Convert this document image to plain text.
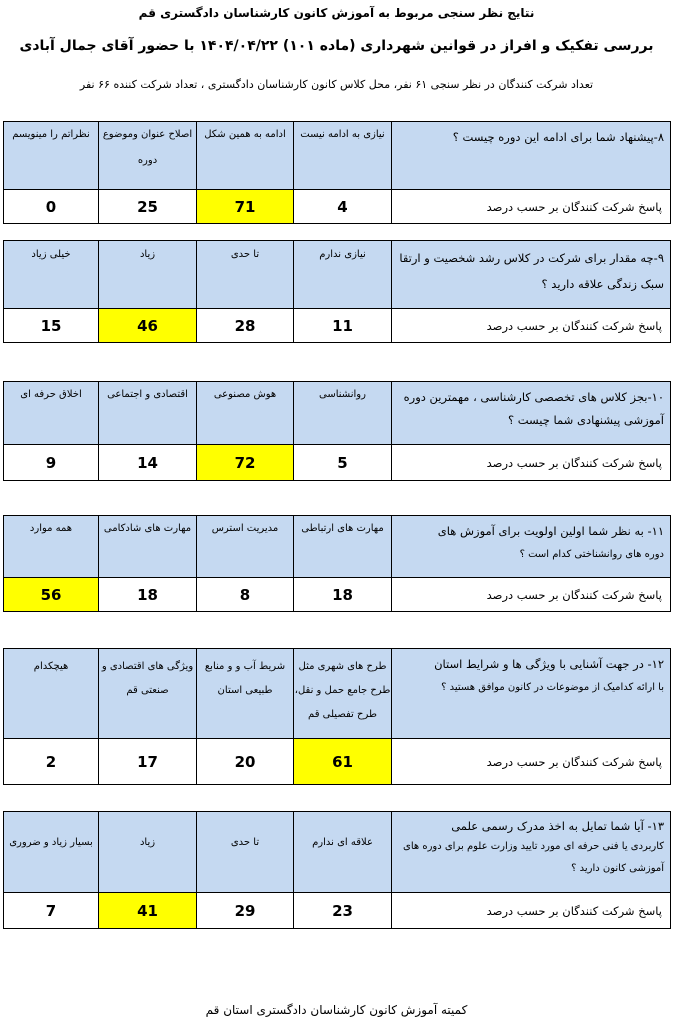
نتایج نظر سنجی مربوط به آموزش کانون کارشناسان دادگستری قم
بررسی تفکیک و افراز در قوانین شهرداری (ماده ۱۰۱) ۱۴۰۴/۰۴/۲۲ با حضور آقای جمال آبادی
تعداد شرکت کنندگان در نظر سنجی ۶۱ نفر، محل کلاس کانون کارشناسان دادگستری ، تعداد شرکت کننده ۶۶ نفر
۸-پیشنهاد شما برای ادامه این دوره چیست ؟	نیازی به ادامه نیست	ادامه به همین شکل	اصلاح عنوان وموضوع دوره	نظراتم را مینویسم
پاسخ شرکت کنندگان بر حسب درصد	4	71	25	0
۹-چه مقدار برای شرکت در کلاس رشد شخصیت و ارتقا سبک زندگی علاقه دارید ؟	نیازی ندارم	تا حدی	زیاد	خیلی زیاد
پاسخ شرکت کنندگان بر حسب درصد	11	28	46	15
۱۰-بجز کلاس های تخصصی کارشناسی ، مهمترین دوره آموزشی پیشنهادی شما چیست ؟	روانشناسی	هوش مصنوعی	اقتصادی و اجتماعی	اخلاق حرفه ای
پاسخ شرکت کنندگان بر حسب درصد	5	72	14	9
۱۱- به نظر شما اولین اولویت برای آموزش های
دوره های روانشناختی کدام است ؟	مهارت های ارتباطی	مدیریت استرس	مهارت های شادکامی	همه موارد
پاسخ شرکت کنندگان بر حسب درصد	18	8	18	56
۱۲- در جهت آشنایی با ویژگی ها و شرایط استان
با ارائه کدامیک از موضوعات در کانون موافق هستید ؟	طرح های شهری مثل طرح جامع حمل و نقل، طرح تفصیلی قم	شریط آب و و منابع طبیعی استان	ویژگی های اقتصادی و صنعتی قم	هیچکدام
پاسخ شرکت کنندگان بر حسب درصد	61	20	17	2
۱۳- آیا شما تمایل به اخذ مدرک رسمی علمی
کاربردی یا فنی حرفه ای مورد تایید وزارت علوم برای دوره های آموزشی کانون دارید ؟	علاقه ای ندارم	تا حدی	زیاد	بسیار زیاد و ضروری
پاسخ شرکت کنندگان بر حسب درصد	23	29	41	7
کمیته آموزش کانون کارشناسان دادگستری استان قم
